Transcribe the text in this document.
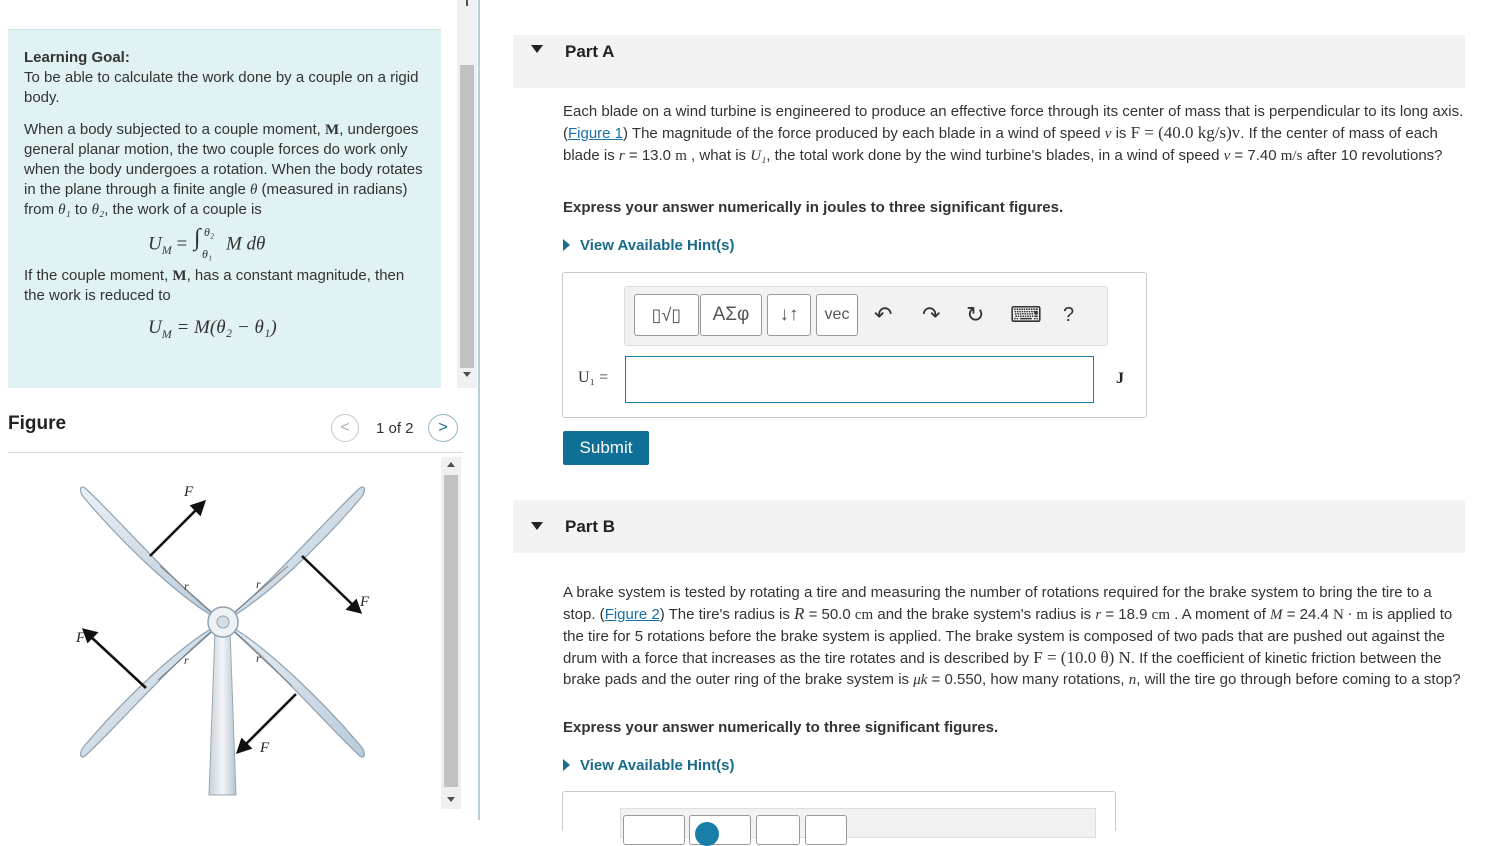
Learning Goal:

To be able to calculate the work done by a couple on a rigid body.

When a body subjected to a couple moment, M, undergoes general planar motion, the two couple forces do work only when the body undergoes a rotation. When the body rotates in the plane through a finite angle θ (measured in radians) from θ₁ to θ₂, the work of a couple is

$U_M$ = ∫ θ₂
θ₁ M dθ

If the couple moment, M, has a constant magnitude, then the work is reduced to

$U_M = M(\theta_2 - \theta_1)$
Figure	<	1 of 2	>
F
F
F
F
r	r
r	r
Part A
Each blade on a wind turbine is engineered to produce an effective force through its center of mass that is perpendicular to its long axis. (Figure 1) The magnitude of the force produced by each blade in a wind of speed v is F = (40.0 kg/s)v. If the center of mass of each blade is r = 13.0 m , what is U₁, the total work done by the wind turbine's blades, in a wind of speed v = 7.40 m/s after 10 revolutions?
Express your answer numerically in joules to three significant figures.
View Available Hint(s)
▯√▯	ΑΣφ	↓↑	vec	↶ ↷ ↻ ⌨ ?
U₁ =	J
Submit
Part B
A brake system is tested by rotating a tire and measuring the number of rotations required for the brake system to bring the tire to a stop. (Figure 2) The tire's radius is R = 50.0 cm and the brake system's radius is r = 18.9 cm . A moment of M = 24.4 N · m is applied to the tire for 5 rotations before the brake system is applied. The brake system is composed of two pads that are pushed out against the drum with a force that increases as the tire rotates and is described by F = (10.0 θ) N. If the coefficient of kinetic friction between the brake pads and the outer ring of the brake system is μk = 0.550, how many rotations, n, will the tire go through before coming to a stop?
Express your answer numerically to three significant figures.
View Available Hint(s)
